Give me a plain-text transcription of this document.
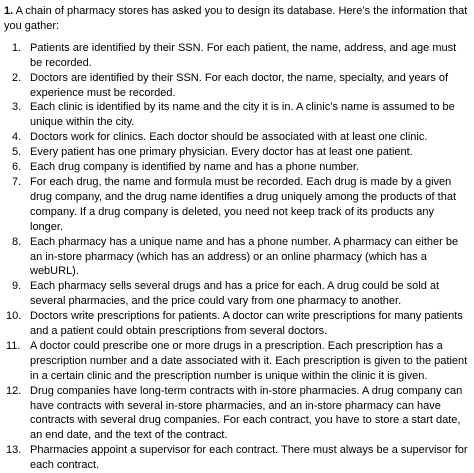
1. A chain of pharmacy stores has asked you to design its database. Here’s the information that you gather:

1. Patients are identified by their SSN. For each patient, the name, address, and age must be recorded.
2. Doctors are identified by their SSN. For each doctor, the name, specialty, and years of experience must be recorded.
3. Each clinic is identified by its name and the city it is in. A clinic’s name is assumed to be unique within the city.
4. Doctors work for clinics. Each doctor should be associated with at least one clinic.
5. Every patient has one primary physician. Every doctor has at least one patient.
6. Each drug company is identified by name and has a phone number.
7. For each drug, the name and formula must be recorded. Each drug is made by a given drug company, and the drug name identifies a drug uniquely among the products of that company. If a drug company is deleted, you need not keep track of its products any longer.
8. Each pharmacy has a unique name and has a phone number. A pharmacy can either be an in-store pharmacy (which has an address) or an online pharmacy (which has a webURL).
9. Each pharmacy sells several drugs and has a price for each. A drug could be sold at several pharmacies, and the price could vary from one pharmacy to another.
10. Doctors write prescriptions for patients. A doctor can write prescriptions for many patients and a patient could obtain prescriptions from several doctors.
11. A doctor could prescribe one or more drugs in a prescription. Each prescription has a prescription number and a date associated with it. Each prescription is given to the patient in a certain clinic and the prescription number is unique within the clinic it is given.
12. Drug companies have long-term contracts with in-store pharmacies. A drug company can have contracts with several in-store pharmacies, and an in-store pharmacy can have contracts with several drug companies. For each contract, you have to store a start date, an end date, and the text of the contract.
13. Pharmacies appoint a supervisor for each contract. There must always be a supervisor for each contract.
